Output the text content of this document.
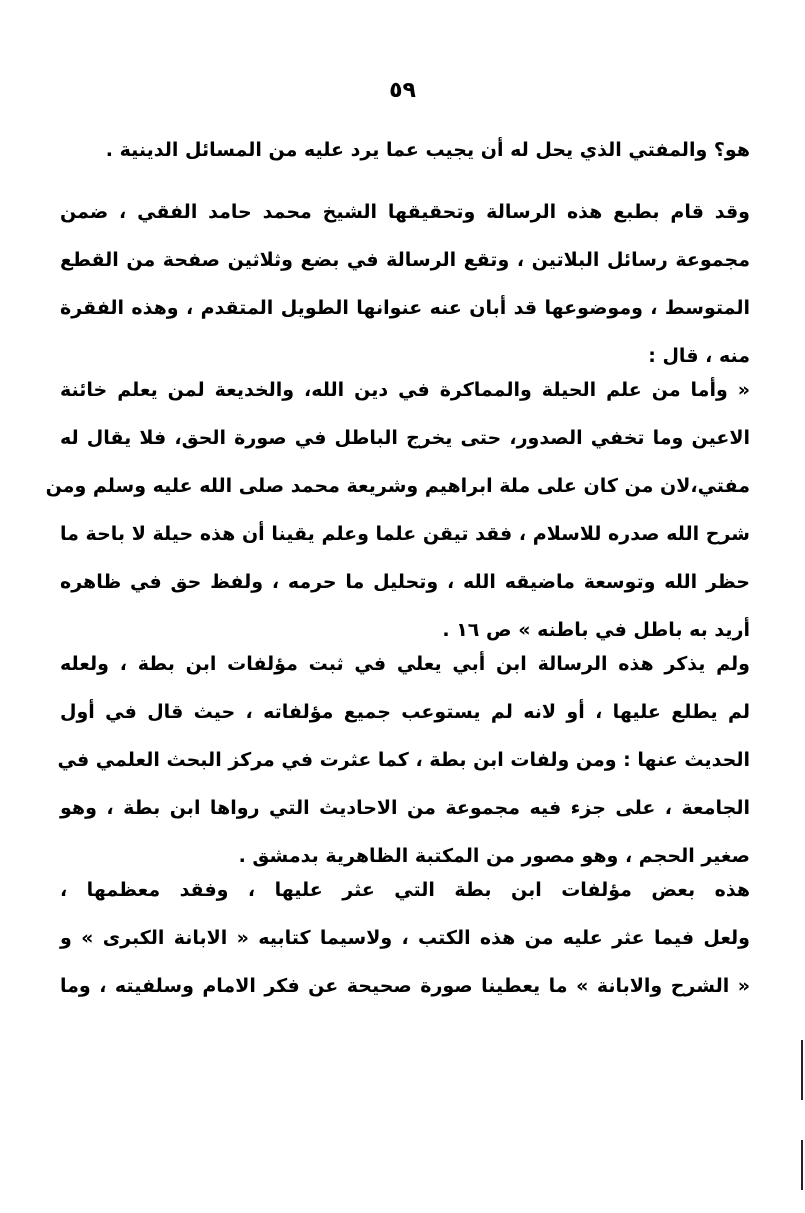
٥٩
هو؟ والمفتي الذي يحل له أن يجيب عما يرد عليه من المسائل الدينية .
وقد قام بطبع هذه الرسالة وتحقيقها الشيخ محمد حامد الفقي ، ضمن
مجموعة رسائل البلاتين ، وتقع الرسالة في بضع وثلاثين صفحة من القطع
المتوسط ، وموضوعها قد أبان عنه عنوانها الطويل المتقدم ، وهذه الفقرة
منه ، قال :
« وأما من علم الحيلة والمماكرة في دين الله، والخديعة لمن يعلم خائنة
الاعين وما تخفي الصدور، حتى يخرج الباطل في صورة الحق، فلا يقال له
مفتي،لان من كان على ملة ابراهيم وشريعة محمد صلى الله عليه وسلم ومن
شرح الله صدره للاسلام ، فقد تيقن علما وعلم يقينا أن هذه حيلة لا باحة ما
حظر الله وتوسعة ماضيقه الله ، وتحليل ما حرمه ، ولفظ حق في ظاهره
أريد به باطل في باطنه » ص ١٦ .
ولم يذكر هذه الرسالة ابن أبي يعلي في ثبت مؤلفات ابن بطة ، ولعله
لم يطلع عليها ، أو لانه لم يستوعب جميع مؤلفاته ، حيث قال في أول
الحديث عنها : ومن ولفات ابن بطة ، كما عثرت في مركز البحث العلمي في
الجامعة ، على جزء فيه مجموعة من الاحاديث التي رواها ابن بطة ، وهو
صغير الحجم ، وهو مصور من المكتبة الظاهرية بدمشق .
هذه بعض مؤلفات ابن بطة التي عثر عليها ، وفقد معظمها ،
ولعل فيما عثر عليه من هذه الكتب ، ولاسيما كتابيه « الابانة الكبرى » و
« الشرح والابانة » ما يعطينا صورة صحيحة عن فكر الامام وسلفيته ، وما
